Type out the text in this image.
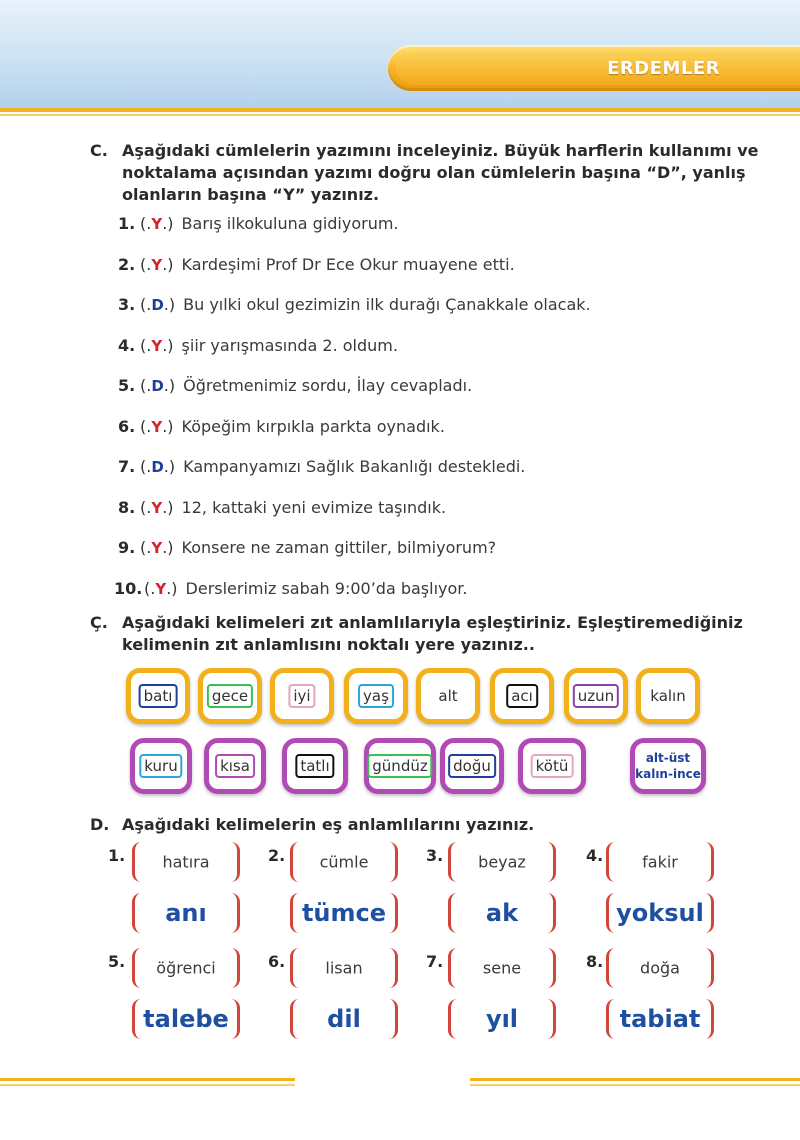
ERDEMLER
C. Aşağıdaki cümlelerin yazımını inceleyiniz. Büyük harflerin kullanımı ve noktalama açısından yazımı doğru olan cümlelerin başına “D”, yanlış olanların başına “Y” yazınız.
1. (.Y.) Barış ilkokuluna gidiyorum.
2. (.Y.) Kardeşimi Prof Dr Ece Okur muayene etti.
3. (.D.) Bu yılki okul gezimizin ilk durağı Çanakkale olacak.
4. (.Y.) şiir yarışmasında 2. oldum.
5. (.D.) Öğretmenimiz sordu, İlay cevapladı.
6. (.Y.) Köpeğim kırpıkla parkta oynadık.
7. (.D.) Kampanyamızı Sağlık Bakanlığı destekledi.
8. (.Y.) 12, kattaki yeni evimize taşındık.
9. (.Y.) Konsere ne zaman gittiler, bilmiyorum?
10. (.Y.) Derslerimiz sabah 9:00’da başlıyor.
Ç. Aşağıdaki kelimeleri zıt anlamlılarıyla eşleştiriniz. Eşleştiremediğiniz kelimenin zıt anlamlısını noktalı yere yazınız..
batı	gece	iyi	yaş	alt	acı	uzun	kalın
kuru	kısa	tatlı	gündüz	doğu	kötü	alt-üst
kalın-ince
D. Aşağıdaki kelimelerin eş anlamlılarını yazınız.
1.	hatıra
anı
2.	cümle
tümce
3.	beyaz
ak
4.	fakir
yoksul
5.	öğrenci
talebe
6.	lisan
dil
7.	sene
yıl
8.	doğa
tabiat
